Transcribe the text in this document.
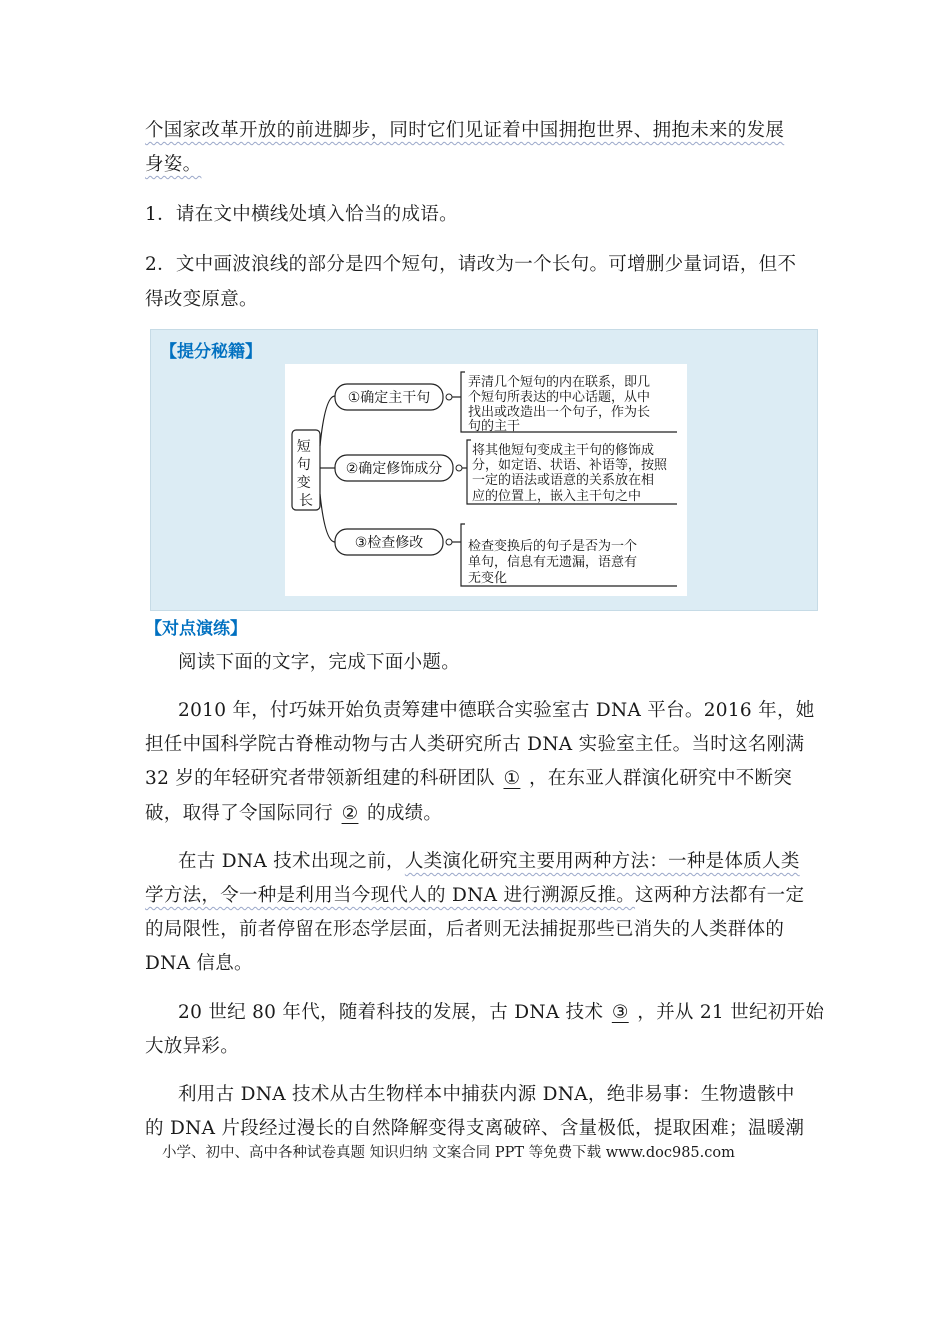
个国家改革开放的前进脚步，同时它们见证着中国拥抱世界、拥抱未来的发展
身姿。
1．请在文中横线处填入恰当的成语。
2．文中画波浪线的部分是四个短句，请改为一个长句。可增删少量词语，但不
得改变原意。
【提分秘籍】
短 句 变 长
①确定主干句
②确定修饰成分
③检查修改
弄清几个短句的内在联系，即几 个短句所表达的中心话题，从中 找出或改造出一个句子，作为长 句的主干
将其他短句变成主干句的修饰成 分，如定语、状语、补语等，按照 一定的语法或语意的关系放在相 应的位置上，嵌入主干句之中
检查变换后的句子是否为一个 单句，信息有无遗漏，语意有 无变化
【对点演练】
阅读下面的文字，完成下面小题。
2010 年，付巧妹开始负责筹建中德联合实验室古 DNA 平台。2016 年，她
担任中国科学院古脊椎动物与古人类研究所古 DNA 实验室主任。当时这名刚满
32 岁的年轻研究者带领新组建的科研团队 ① ，在东亚人群演化研究中不断突
破，取得了令国际同行 ② 的成绩。
在古 DNA 技术出现之前，人类演化研究主要用两种方法：一种是体质人类
学方法，令一种是利用当今现代人的 DNA 进行溯源反推。这两种方法都有一定
的局限性，前者停留在形态学层面，后者则无法捕捉那些已消失的人类群体的
DNA 信息。
20 世纪 80 年代，随着科技的发展，古 DNA 技术 ③ ，并从 21 世纪初开始
大放异彩。
利用古 DNA 技术从古生物样本中捕获内源 DNA，绝非易事：生物遗骸中
的 DNA 片段经过漫长的自然降解变得支离破碎、含量极低，提取困难；温暖潮
小学、初中、高中各种试卷真题 知识归纳 文案合同 PPT 等免费下载 www.doc985.com
